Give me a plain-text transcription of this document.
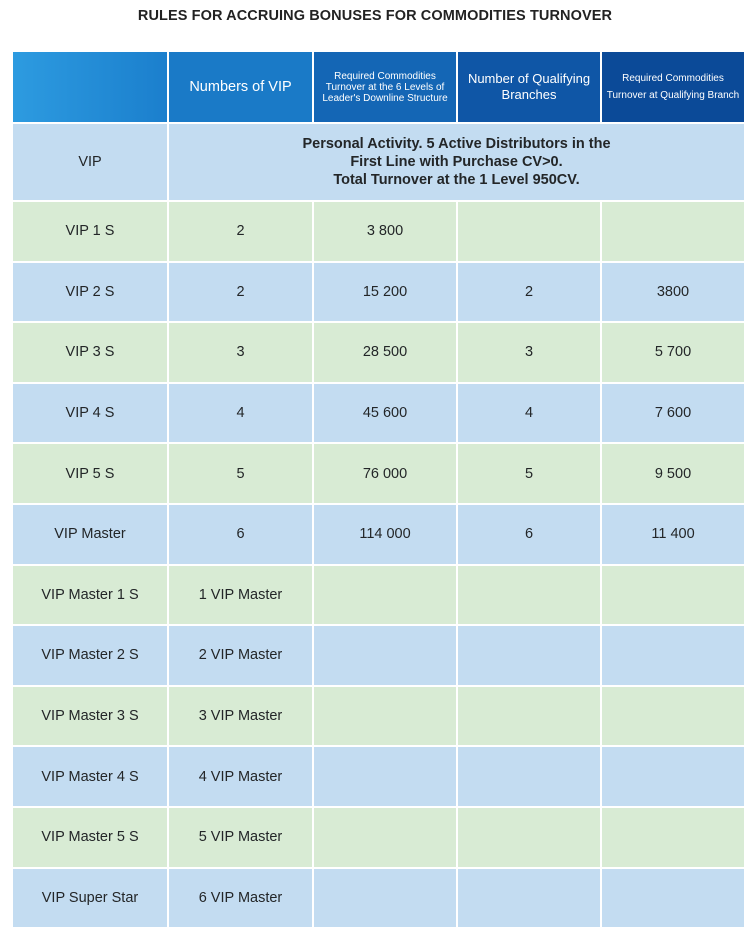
RULES FOR ACCRUING BONUSES FOR COMMODITIES TURNOVER
	Numbers of VIP	Required Commodities Turnover at the 6 Levels of Leader's Downline Structure	Number of Qualifying Branches	Required Commodities Turnover at Qualifying Branch
VIP	Personal Activity. 5 Active Distributors in the
First Line with Purchase CV>0.
Total Turnover at the 1 Level 950CV.			

VIP 1 S	2	3 800		
VIP 2 S	2	15 200	2	3800
VIP 3 S	3	28 500	3	5 700
VIP 4 S	4	45 600	4	7 600
VIP 5 S	5	76 000	5	9 500
VIP Master	6	114 000	6	11 400
VIP Master 1 S	1 VIP Master			
VIP Master 2 S	2 VIP Master			
VIP Master 3 S	3 VIP Master			
VIP Master 4 S	4 VIP Master			
VIP Master 5 S	5 VIP Master			
VIP Super Star	6 VIP Master			
